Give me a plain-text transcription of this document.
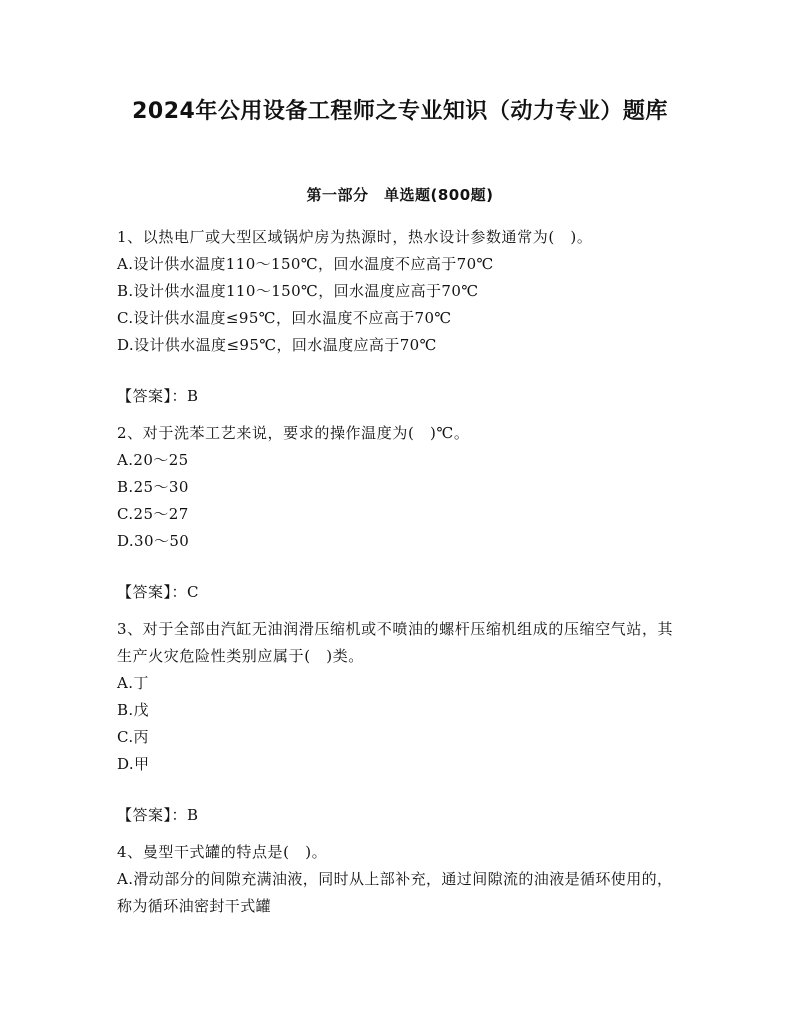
2024年公用设备工程师之专业知识（动力专业）题库
第一部分　单选题(800题)

1、以热电厂或大型区域锅炉房为热源时，热水设计参数通常为(　)。

A.设计供水温度110～150℃，回水温度不应高于70℃
B.设计供水温度110～150℃，回水温度应高于70℃
C.设计供水温度≤95℃，回水温度不应高于70℃
D.设计供水温度≤95℃，回水温度应高于70℃

【答案】：B

2、对于洗苯工艺来说，要求的操作温度为(　)℃。

A.20～25
B.25～30
C.25～27
D.30～50

【答案】：C

3、对于全部由汽缸无油润滑压缩机或不喷油的螺杆压缩机组成的压缩空气站，其生产火灾危险性类别应属于(　)类。

A.丁
B.戊
C.丙
D.甲

【答案】：B

4、曼型干式罐的特点是(　)。

A.滑动部分的间隙充满油液，同时从上部补充，通过间隙流的油液是循环使用的，称为循环油密封干式罐
